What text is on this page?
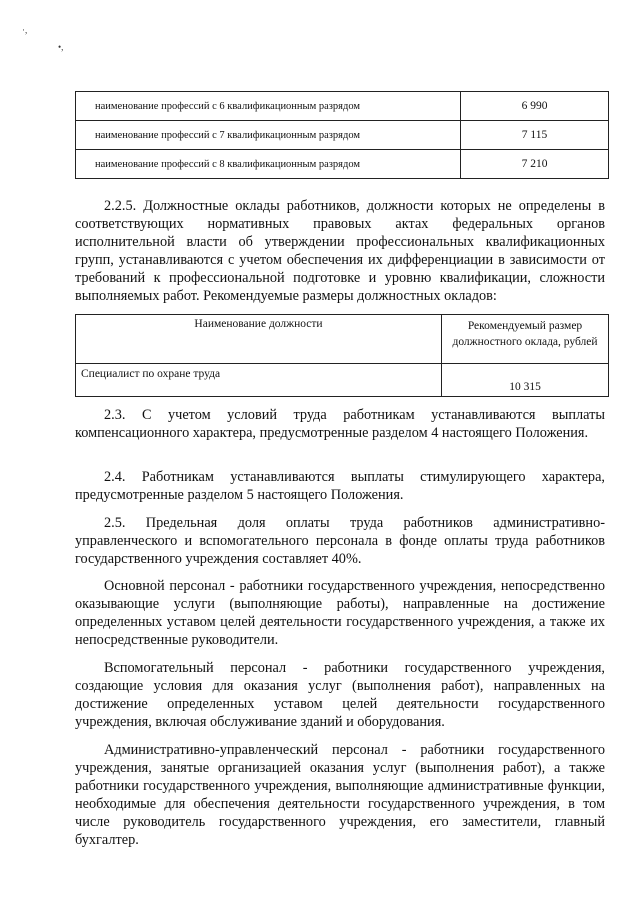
·,
•,
наименование профессий с 6 квалификационным разрядом	6 990
наименование профессий с 7 квалификационным разрядом	7 115
наименование профессий с 8 квалификационным разрядом	7 210

2.2.5. Должностные оклады работников, должности которых не определены в соответствующих нормативных правовых актах федеральных органов исполнительной власти об утверждении профессиональных квалификационных групп, устанавливаются с учетом обеспечения их дифференциации в зависимости от требований к профессиональной подготовке и уровню квалификации, сложности выполняемых работ. Рекомендуемые размеры должностных окладов:

Наименование должности	Рекомендуемый размер должностного оклада, рублей
Специалист по охране труда	10 315

2.3. С учетом условий труда работникам устанавливаются выплаты компенсационного характера, предусмотренные разделом 4 настоящего Положения.

2.4. Работникам устанавливаются выплаты стимулирующего характера, предусмотренные разделом 5 настоящего Положения.

2.5. Предельная доля оплаты труда работников административно-управленческого и вспомогательного персонала в фонде оплаты труда работников государственного учреждения составляет 40%.

Основной персонал - работники государственного учреждения, непосредственно оказывающие услуги (выполняющие работы), направленные на достижение определенных уставом целей деятельности государственного учреждения, а также их непосредственные руководители.

Вспомогательный персонал - работники государственного учреждения, создающие условия для оказания услуг (выполнения работ), направленных на достижение определенных уставом целей деятельности государственного учреждения, включая обслуживание зданий и оборудования.

Административно-управленческий персонал - работники государственного учреждения, занятые организацией оказания услуг (выполнения работ), а также работники государственного учреждения, выполняющие административные функции, необходимые для обеспечения деятельности государственного учреждения, в том числе руководитель государственного учреждения, его заместители, главный бухгалтер.
